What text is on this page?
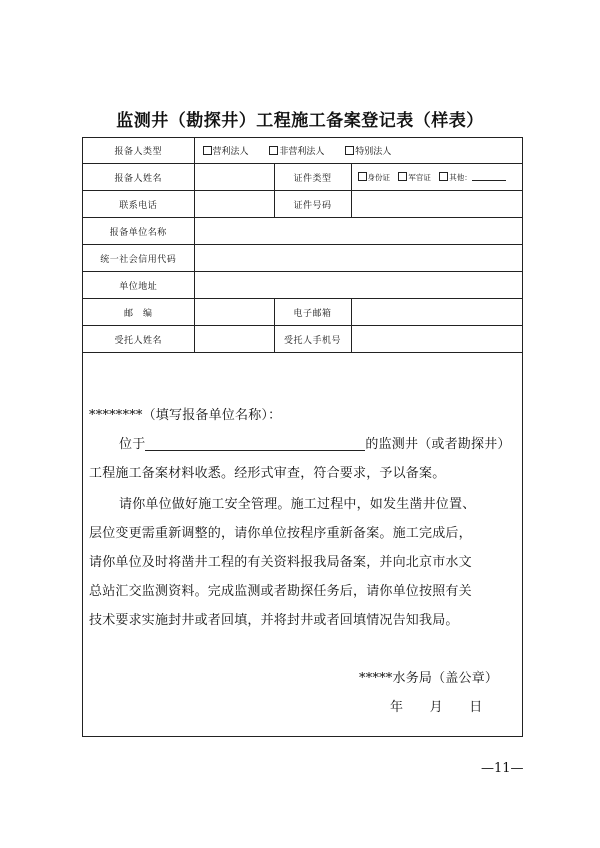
监测井（勘探井）工程施工备案登记表（样表）
报备人类型	营利法人 非营利法人 特别法人		
报备人姓名		证件类型	身份证 军官证 其他：
联系电话		证件号码	
报备单位名称			
统一社会信用代码			
单位地址			
邮　编		电子邮箱	
受托人姓名		受托人手机号	
********（填写报备单位名称）：
位于	的监测井（或者勘探井）
工程施工备案材料收悉。经形式审查，符合要求，予以备案。
请你单位做好施工安全管理。施工过程中，如发生凿井位置、
层位变更需重新调整的，请你单位按程序重新备案。施工完成后，
请你单位及时将凿井工程的有关资料报我局备案，并向北京市水文
总站汇交监测资料。完成监测或者勘探任务后，请你单位按照有关
技术要求实施封井或者回填，并将封井或者回填情况告知我局。
*****水务局（盖公章）
年　　月　　日
—11—
